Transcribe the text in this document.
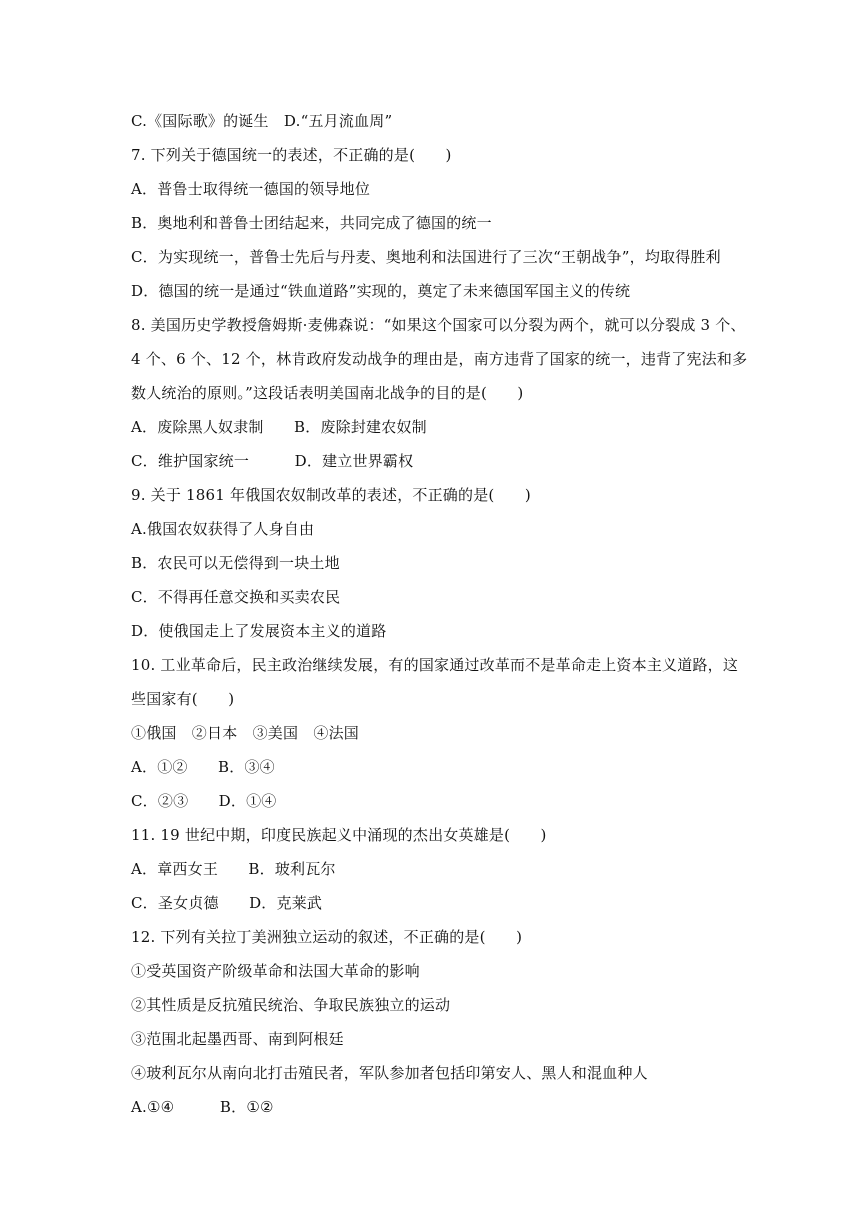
C.《国际歌》的诞生　D.“五月流血周”
7. 下列关于德国统一的表述，不正确的是(　　)
A．普鲁士取得统一德国的领导地位
B．奥地利和普鲁士团结起来，共同完成了德国的统一
C．为实现统一，普鲁士先后与丹麦、奥地利和法国进行了三次“王朝战争”，均取得胜利
D．德国的统一是通过“铁血道路”实现的，奠定了未来德国军国主义的传统
8. 美国历史学教授詹姆斯·麦佛森说：“如果这个国家可以分裂为两个，就可以分裂成 3 个、
4 个、6 个、12 个，林肯政府发动战争的理由是，南方违背了国家的统一，违背了宪法和多
数人统治的原则。”这段话表明美国南北战争的目的是(　　)
A．废除黑人奴隶制　　B．废除封建农奴制
C．维护国家统一　　　D．建立世界霸权
9. 关于 1861 年俄国农奴制改革的表述，不正确的是(　　)
A.俄国农奴获得了人身自由
B．农民可以无偿得到一块土地
C．不得再任意交换和买卖农民
D．使俄国走上了发展资本主义的道路
10. 工业革命后，民主政治继续发展，有的国家通过改革而不是革命走上资本主义道路，这
些国家有(　　)
①俄国　②日本　③美国　④法国
A．①②　　B．③④
C．②③　　D．①④
11. 19 世纪中期，印度民族起义中涌现的杰出女英雄是(　　)
A．章西女王　　B．玻利瓦尔
C．圣女贞德　　D．克莱武
12. 下列有关拉丁美洲独立运动的叙述，不正确的是(　　)
①受英国资产阶级革命和法国大革命的影响
②其性质是反抗殖民统治、争取民族独立的运动
③范围北起墨西哥、南到阿根廷
④玻利瓦尔从南向北打击殖民者，军队参加者包括印第安人、黑人和混血种人
A.①④　　　B．①②
